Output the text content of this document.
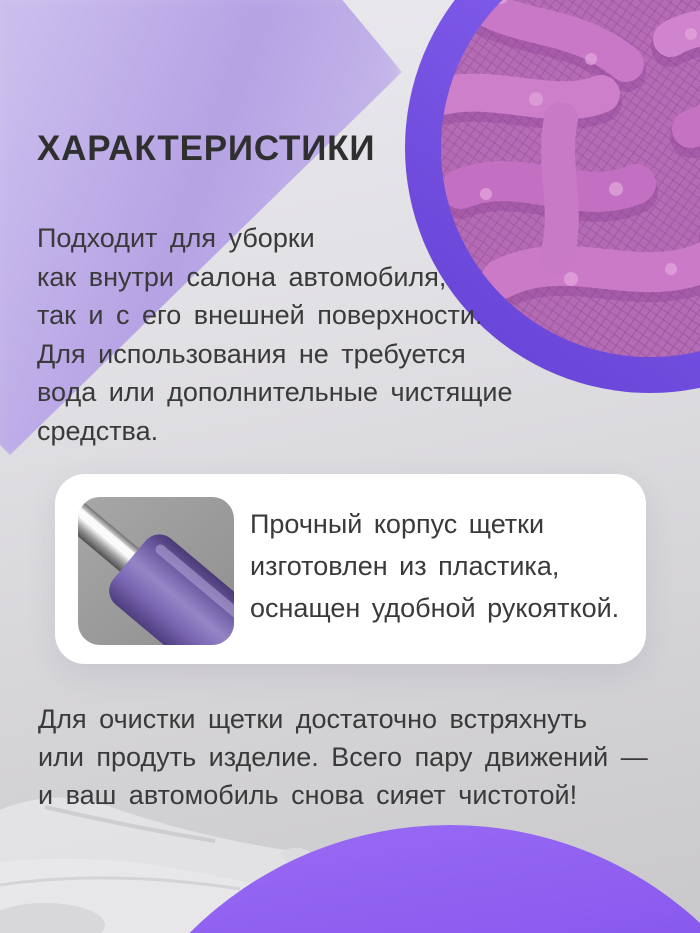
ХАРАКТЕРИСТИКИ
Подходит для уборки
как внутри салона автомобиля,
так и с его внешней поверхности.
Для использования не требуется
вода или дополнительные чистящие
средства.
Прочный корпус щетки
изготовлен из пластика,
оснащен удобной рукояткой.
Для очистки щетки достаточно встряхнуть
или продуть изделие. Всего пару движений —
и ваш автомобиль снова сияет чистотой!
